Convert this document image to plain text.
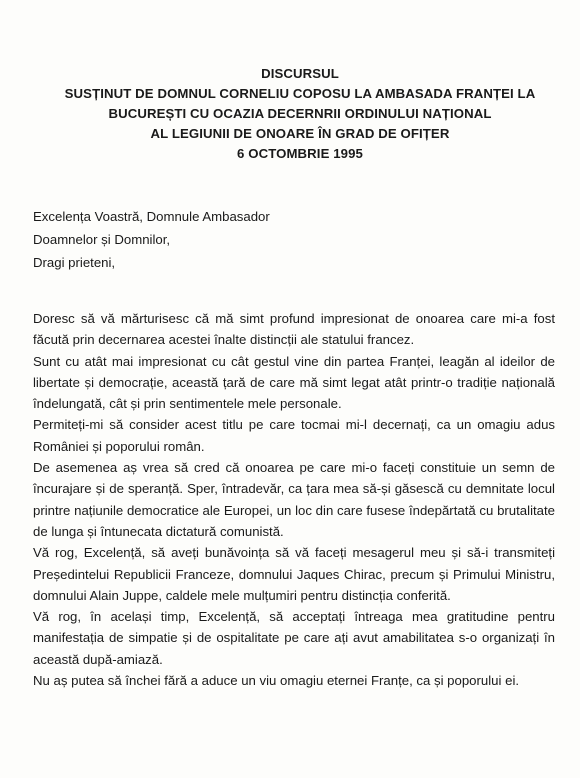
DISCURSUL
SUSȚINUT DE DOMNUL CORNELIU COPOSU LA AMBASADA FRANȚEI LA
BUCUREȘTI CU OCAZIA DECERNRII ORDINULUI NAȚIONAL
AL LEGIUNII DE ONOARE ÎN GRAD DE OFIȚER
6 OCTOMBRIE 1995
Excelența Voastră, Domnule Ambasador
Doamnelor și Domnilor,
Dragi prieteni,

Doresc să vă mărturisesc că mă simt profund impresionat de onoarea care mi-a fost făcută prin decernarea acestei înalte distincții ale statului francez.

Sunt cu atât mai impresionat cu cât gestul vine din partea Franței, leagăn al ideilor de libertate și democrație, această țară de care mă simt legat atât printr-o tradiție națională îndelungată, cât și prin sentimentele mele personale.

Permiteți-mi să consider acest titlu pe care tocmai mi-l decernați, ca un omagiu adus României și poporului român.

De asemenea aș vrea să cred că onoarea pe care mi-o faceți constituie un semn de încurajare și de speranță. Sper, întradevăr, ca țara mea să-și găsescă cu demnitate locul printre națiunile democratice ale Europei, un loc din care fusese îndepărtată cu brutalitate de lunga și întunecata dictatură comunistă.

Vă rog, Excelență, să aveți bunăvoința să vă faceți mesagerul meu și să-i transmiteți Președintelui Republicii Franceze, domnului Jaques Chirac, precum și Primului Ministru, domnului Alain Juppe, caldele mele mulțumiri pentru distincția conferită.

Vă rog, în același timp, Excelență, să acceptați întreaga mea gratitudine pentru manifestația de simpatie și de ospitalitate pe care ați avut amabilitatea s-o organizați în această după-amiază.

Nu aș putea să închei fără a aduce un viu omagiu eternei Franțe, ca și poporului ei.
